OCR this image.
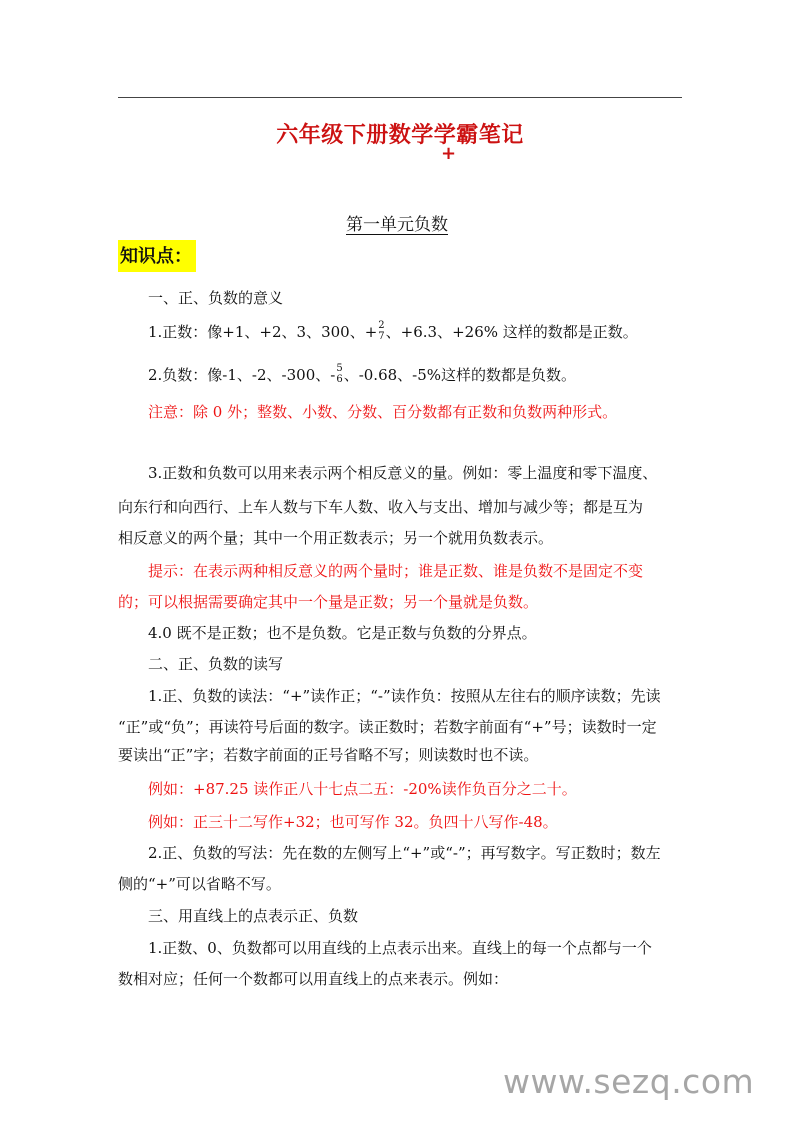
六年级下册数学学霸笔记
+
第一单元负数
知识点：
一、正、负数的意义
1.正数：像+1、+2、3、300、+ 2
7 、+6.3、+26% 这样的数都是正数。
2.负数：像-1、-2、-300、- 5
6 、-0.68、-5%这样的数都是负数。
注意：除 0 外；整数、小数、分数、百分数都有正数和负数两种形式。
3.正数和负数可以用来表示两个相反意义的量。例如：零上温度和零下温度、
向东行和向西行、上车人数与下车人数、收入与支出、增加与减少等；都是互为
相反意义的两个量；其中一个用正数表示；另一个就用负数表示。
提示：在表示两种相反意义的两个量时；谁是正数、谁是负数不是固定不变
的；可以根据需要确定其中一个量是正数；另一个量就是负数。
4.0 既不是正数；也不是负数。它是正数与负数的分界点。
二、正、负数的读写
1.正、负数的读法：“+”读作正；“-”读作负：按照从左往右的顺序读数；先读
“正”或“负”；再读符号后面的数字。读正数时；若数字前面有“+”号；读数时一定
要读出“正”字；若数字前面的正号省略不写；则读数时也不读。
例如：+87.25 读作正八十七点二五：-20%读作负百分之二十。
例如：正三十二写作+32；也可写作 32。负四十八写作-48。
2.正、负数的写法：先在数的左侧写上“+”或“-”；再写数字。写正数时；数左
侧的“+”可以省略不写。
三、用直线上的点表示正、负数
1.正数、0、负数都可以用直线的上点表示出来。直线上的每一个点都与一个
数相对应；任何一个数都可以用直线上的点来表示。例如：
www.sezq.com
